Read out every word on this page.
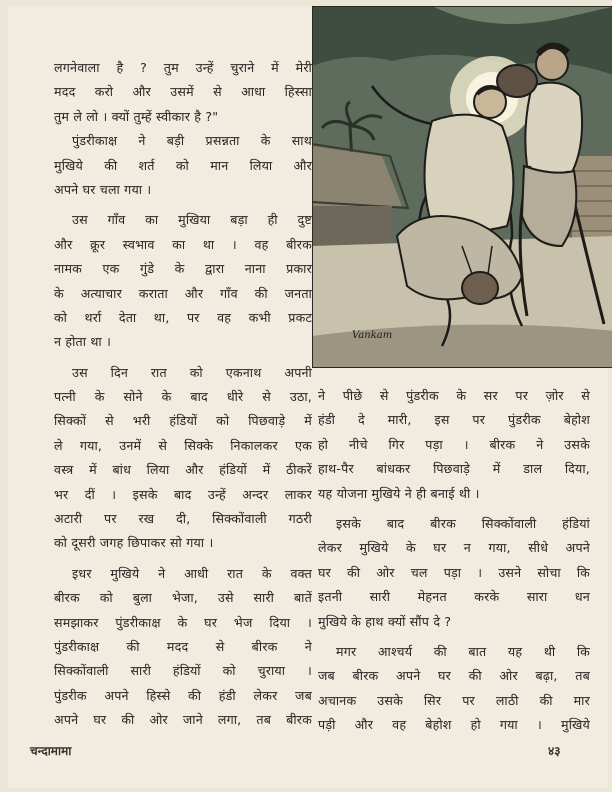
लगनेवाला है ? तुम उन्हें चुराने में मेरी
मदद करो और उसमें से आधा हिस्सा
तुम ले लो । क्यों तुम्हें स्वीकार है ?"
पुंडरीकाक्ष ने बड़ी प्रसन्नता के साथ
मुखिये की शर्त को मान लिया और
अपने घर चला गया ।
उस गाँव का मुखिया बड़ा ही दुष्ट
और क्रूर स्वभाव का था । वह बीरक
नामक एक गुंडे के द्वारा नाना प्रकार
के अत्याचार कराता और गाँव की जनता
को थर्रा देता था, पर वह कभी प्रकट
न होता था ।
उस दिन रात को एकनाथ अपनी
पत्नी के सोने के बाद धीरे से उठा,
सिक्कों से भरी हंडियों को पिछवाड़े में
ले गया, उनमें से सिक्के निकालकर एक
वस्त्र में बांध लिया और हंडियों में ठीकरें
भर दीं । इसके बाद उन्हें अन्दर लाकर
अटारी पर रख दी, सिक्कोंवाली गठरी
को दूसरी जगह छिपाकर सो गया ।
इधर मुखिये ने आधी रात के वक्त
बीरक को बुला भेजा, उसे सारी बातें
समझाकर पुंडरीकाक्ष के घर भेज दिया ।
पुंडरीकाक्ष की मदद से बीरक ने
सिक्कोंवाली सारी हंडियों को चुराया ।
पुंडरीक अपने हिस्से की हंडी लेकर जब
अपने घर की ओर जाने लगा, तब बीरक
Vankam
ने पीछे से पुंडरीक के सर पर ज़ोर से
हंडी दे मारी, इस पर पुंडरीक बेहोश
हो नीचे गिर पड़ा । बीरक ने उसके
हाथ-पैर बांधकर पिछवाड़े में डाल दिया,
यह योजना मुखिये ने ही बनाई थी ।
इसके बाद बीरक सिक्कोंवाली हंडियां
लेकर मुखिये के घर न गया, सीधे अपने
घर की ओर चल पड़ा । उसने सोचा कि
इतनी सारी मेहनत करके सारा धन
मुखिये के हाथ क्यों सौंप दे ?
मगर आश्चर्य की बात यह थी कि
जब बीरक अपने घर की ओर बढ़ा, तब
अचानक उसके सिर पर लाठी की मार
पड़ी और वह बेहोश हो गया । मुखिये
चन्दामामा	४३
